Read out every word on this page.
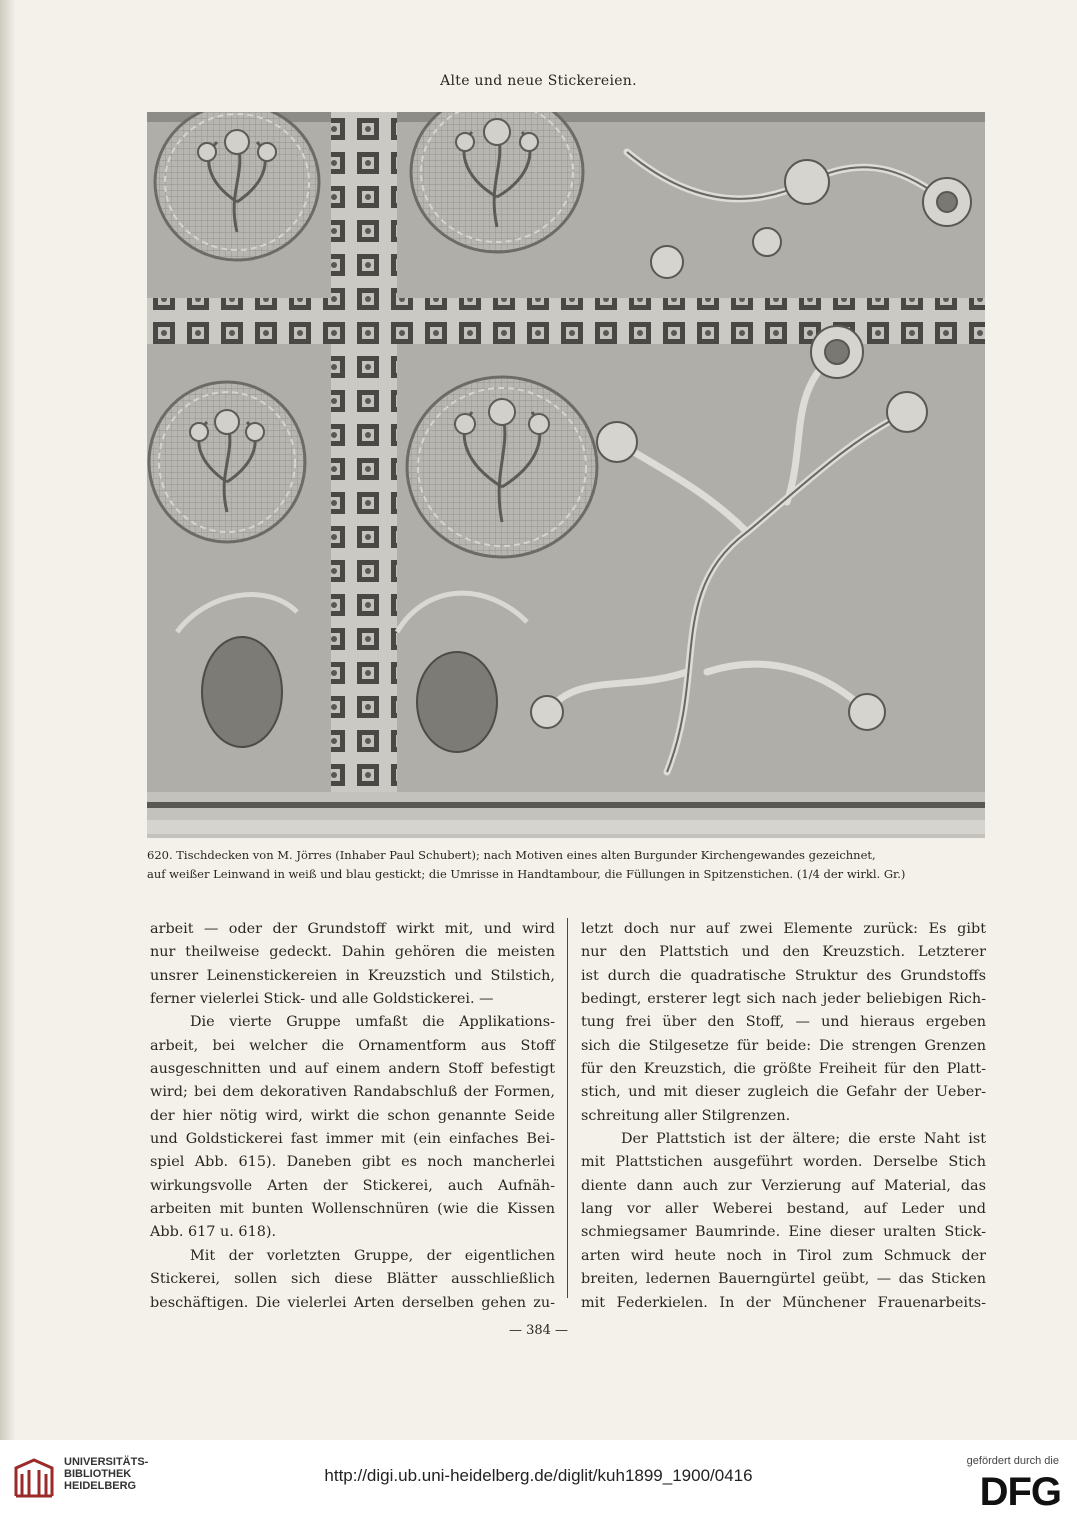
Alte und neue Stickereien.
620. Tischdecken von M. Jörres (Inhaber Paul Schubert); nach Motiven eines alten Burgunder Kirchengewandes gezeichnet,
auf weißer Leinwand in weiß und blau gestickt; die Umrisse in Handtambour, die Füllungen in Spitzenstichen. (1/4 der wirkl. Gr.)
arbeit — oder der Grundstoff wirkt mit, und wird
nur theilweise gedeckt. Dahin gehören die meisten
unsrer Leinenstickereien in Kreuzstich und Stilstich,
ferner vielerlei Stick- und alle Goldstickerei. —
Die vierte Gruppe umfaßt die Applikations-
arbeit, bei welcher die Ornamentform aus Stoff
ausgeschnitten und auf einem andern Stoff befestigt
wird; bei dem dekorativen Randabschluß der Formen,
der hier nötig wird, wirkt die schon genannte Seide
und Goldstickerei fast immer mit (ein einfaches Bei-
spiel Abb. 615). Daneben gibt es noch mancherlei
wirkungsvolle Arten der Stickerei, auch Aufnäh-
arbeiten mit bunten Wollenschnüren (wie die Kissen
Abb. 617 u. 618).
Mit der vorletzten Gruppe, der eigentlichen
Stickerei, sollen sich diese Blätter ausschließlich
beschäftigen. Die vielerlei Arten derselben gehen zu-
letzt doch nur auf zwei Elemente zurück: Es gibt
nur den Plattstich und den Kreuzstich. Letzterer
ist durch die quadratische Struktur des Grundstoffs
bedingt, ersterer legt sich nach jeder beliebigen Rich-
tung frei über den Stoff, — und hieraus ergeben
sich die Stilgesetze für beide: Die strengen Grenzen
für den Kreuzstich, die größte Freiheit für den Platt-
stich, und mit dieser zugleich die Gefahr der Ueber-
schreitung aller Stilgrenzen.
Der Plattstich ist der ältere; die erste Naht ist
mit Plattstichen ausgeführt worden. Derselbe Stich
diente dann auch zur Verzierung auf Material, das
lang vor aller Weberei bestand, auf Leder und
schmiegsamer Baumrinde. Eine dieser uralten Stick-
arten wird heute noch in Tirol zum Schmuck der
breiten, ledernen Bauerngürtel geübt, — das Sticken
mit Federkielen. In der Münchener Frauenarbeits-
— 384 —
UNIVERSITÄTS-
BIBLIOTHEK
HEIDELBERG
http://digi.ub.uni-heidelberg.de/diglit/kuh1899_1900/0416
gefördert durch die
DFG
